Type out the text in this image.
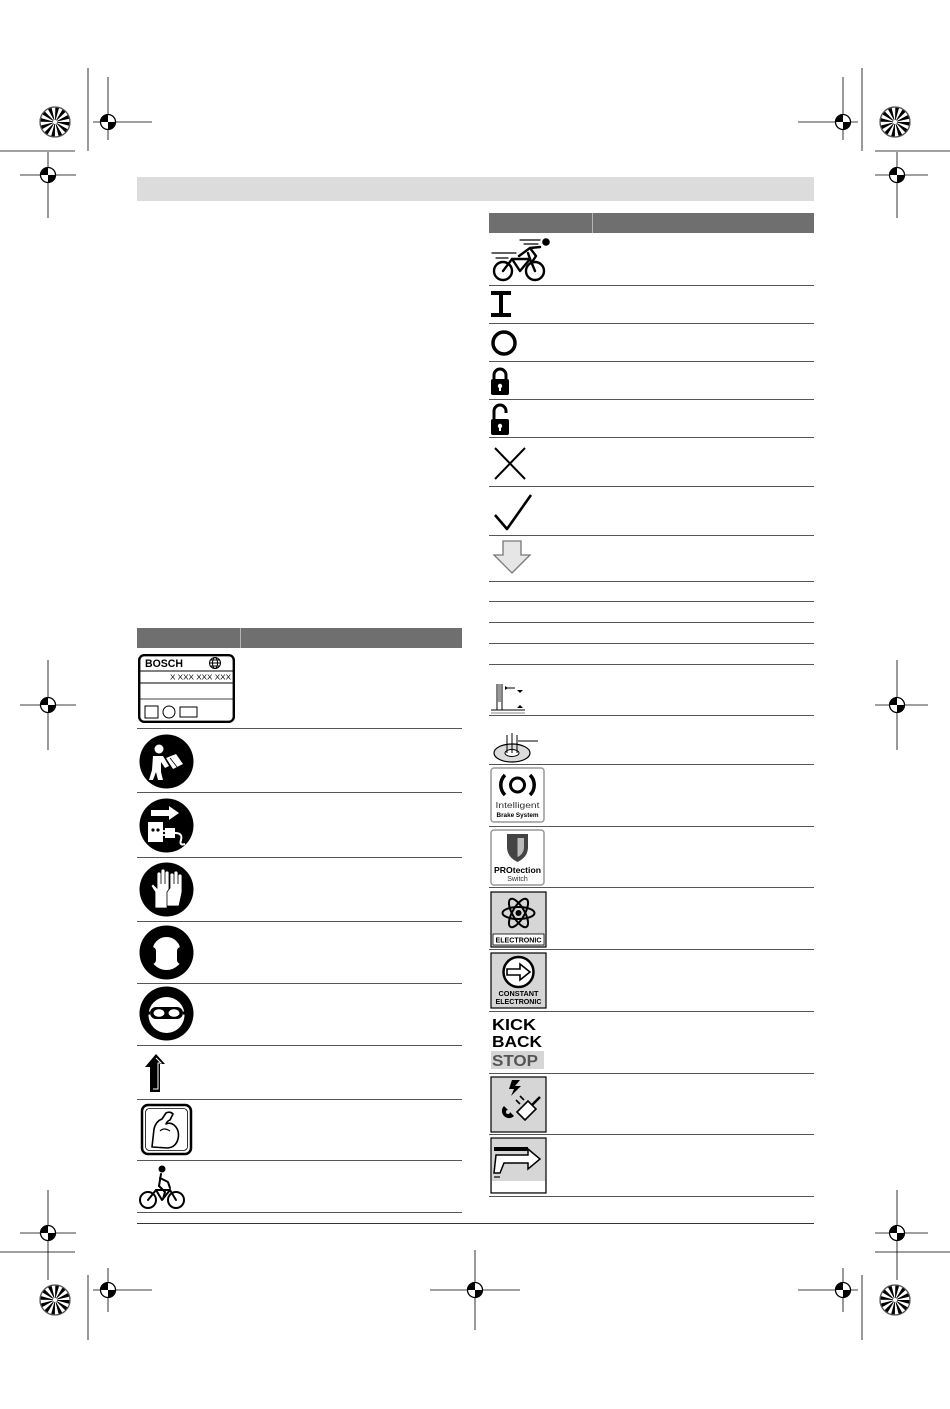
Intelligent
Brake System
PROtection
Switch
ELECTRONIC
CONSTANT
ELECTRONIC
KICK
BACK
STOP
BOSCH
X XXX XXX XXX
